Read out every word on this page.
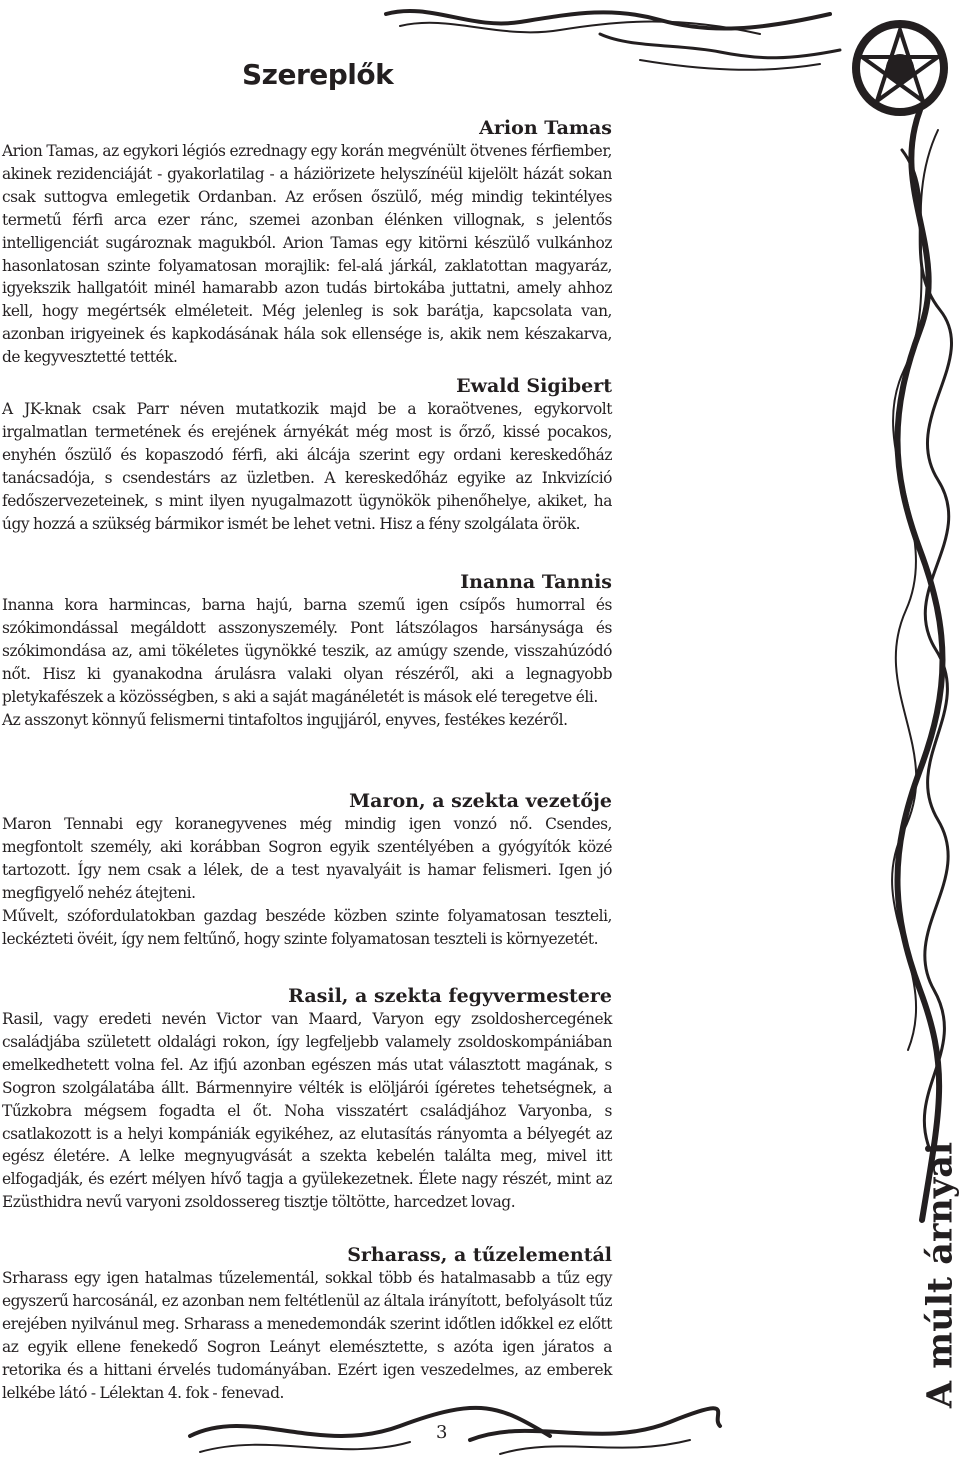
Szereplők
Arion Tamas

Arion Tamas, az egykori légiós ezrednagy egy korán megvénült ötvenes férfiember, akinek rezidenciáját - gyakorlatilag - a háziörizete helyszínéül kijelölt házát sokan csak suttogva emlegetik Ordanban. Az erősen őszülő, még mindig tekintélyes termetű férfi arca ezer ránc, szemei azonban élénken villognak, s jelentős intelligenciát sugároznak magukból. Arion Tamas egy kitörni készülő vulkánhoz hasonlatosan szinte folyamatosan morajlik: fel-alá járkál, zaklatottan magyaráz, igyekszik hallgatóit minél hamarabb azon tudás birtokába juttatni, amely ahhoz kell, hogy megértsék elméleteit. Még jelenleg is sok barátja, kapcsolata van, azonban irigyeinek és kapkodásának hála sok ellensége is, akik nem készakarva, de kegyvesztetté tették.

Ewald Sigibert

A JK-knak csak Parr néven mutatkozik majd be a koraötvenes, egykorvolt irgalmatlan termetének és erejének árnyékát még most is őrző, kissé pocakos, enyhén őszülő és kopaszodó férfi, aki álcája szerint egy ordani kereskedőház tanácsadója, s csendestárs az üzletben. A kereskedőház egyike az Inkvizíció fedőszervezeteinek, s mint ilyen nyugalmazott ügynökök pihenőhelye, akiket, ha úgy hozzá a szükség bármikor ismét be lehet vetni. Hisz a fény szolgálata örök.

Inanna Tannis

Inanna kora harmincas, barna hajú, barna szemű igen csípős humorral és szókimondással megáldott asszonyszemély. Pont látszólagos harsánysága és szókimondása az, ami tökéletes ügynökké teszik, az amúgy szende, visszahúzódó nőt. Hisz ki gyanakodna árulásra valaki olyan részéről, aki a legnagyobb pletykafészek a közösségben, s aki a saját magánéletét is mások elé teregetve éli.

Az asszonyt könnyű felismerni tintafoltos ingujjáról, enyves, festékes kezéről.

Maron, a szekta vezetője

Maron Tennabi egy koranegyvenes még mindig igen vonzó nő. Csendes, megfontolt személy, aki korábban Sogron egyik szentélyében a gyógyítók közé tartozott. Így nem csak a lélek, de a test nyavalyáit is hamar felismeri. Igen jó megfigyelő nehéz átejteni.

Művelt, szófordulatokban gazdag beszéde közben szinte folyamatosan teszteli, leckézteti övéit, így nem feltűnő, hogy szinte folyamatosan teszteli is környezetét.

Rasil, a szekta fegyvermestere

Rasil, vagy eredeti nevén Victor van Maard, Varyon egy zsoldoshercegének családjába született oldalági rokon, így legfeljebb valamely zsoldoskompániában emelkedhetett volna fel. Az ifjú azonban egészen más utat választott magának, s Sogron szolgálatába állt. Bármennyire vélték is elöljárói ígéretes tehetségnek, a Tűzkobra mégsem fogadta el őt. Noha visszatért családjához Varyonba, s csatlakozott is a helyi kompániák egyikéhez, az elutasítás rányomta a bélyegét az egész életére. A lelke megnyugvását a szekta kebelén találta meg, mivel itt elfogadják, és ezért mélyen hívő tagja a gyülekezetnek. Élete nagy részét, mint az Ezüsthidra nevű varyoni zsoldossereg tisztje töltötte, harcedzet lovag.

Srharass, a tűzelementál

Srharass egy igen hatalmas tűzelementál, sokkal több és hatalmasabb a tűz egy egyszerű harcosánál, ez azonban nem feltétlenül az általa irányított, befolyásolt tűz erejében nyilvánul meg. Srharass a menedemondák szerint időtlen időkkel ez előtt az egyik ellene fenekedő Sogron Leányt elemésztette, s azóta igen járatos a retorika és a hittani érvelés tudományában. Ezért igen veszedelmes, az emberek lelkébe látó - Lélektan 4. fok - fenevad.

3
A múlt árnyai
